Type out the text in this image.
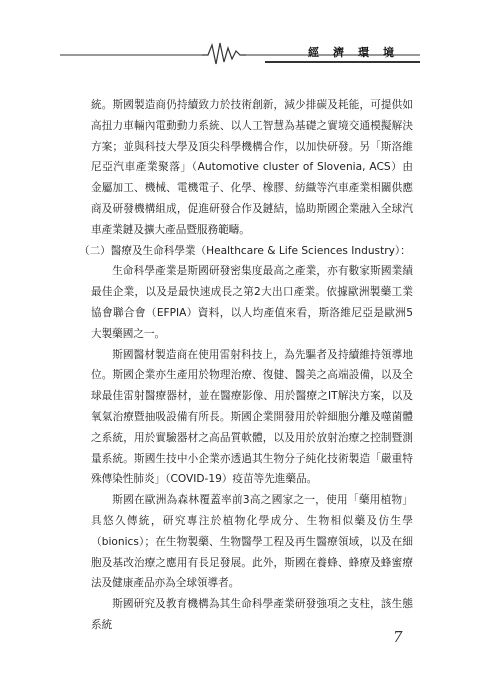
經濟環境

統。斯國製造商仍持續致力於技術創新，減少排碳及耗能，可提供如高扭力車輛內電動動力系統、以人工智慧為基礎之實境交通模擬解決方案；並與科技大學及頂尖科學機構合作，以加快研發。另「斯洛維尼亞汽車產業聚落」（Automotive cluster of Slovenia, ACS）由金屬加工、機械、電機電子、化學、橡膠、紡織等汽車產業相關供應商及研發機構組成，促進研發合作及鏈結，協助斯國企業融入全球汽車產業鏈及擴大產品暨服務範疇。

（二）醫療及生命科學業（Healthcare & Life Sciences Industry）：

生命科學產業是斯國研發密集度最高之產業，亦有數家斯國業績最佳企業，以及是最快速成長之第2大出口產業。依據歐洲製藥工業協會聯合會（EFPIA）資料，以人均產值來看，斯洛維尼亞是歐洲5大製藥國之一。

斯國醫材製造商在使用雷射科技上，為先驅者及持續維持領導地位。斯國企業亦生產用於物理治療、復健、醫美之高端設備，以及全球最佳雷射醫療器材，並在醫療影像、用於醫療之IT解決方案，以及氧氣治療暨抽吸設備有所長。斯國企業開發用於幹細胞分離及噬菌體之系統，用於實驗器材之高品質軟體，以及用於放射治療之控制暨測量系統。斯國生技中小企業亦透過其生物分子純化技術製造「嚴重特殊傳染性肺炎」（COVID-19）疫苗等先進藥品。

斯國在歐洲為森林覆蓋率前3高之國家之一，使用「藥用植物」具悠久傳統，研究專注於植物化學成分、生物相似藥及仿生學（bionics）；在生物製藥、生物醫學工程及再生醫療領域，以及在細胞及基改治療之應用有長足發展。此外，斯國在養蜂、蜂療及蜂蜜療法及健康產品亦為全球領導者。

斯國研究及教育機構為其生命科學產業研發強項之支柱，該生態系統

7
